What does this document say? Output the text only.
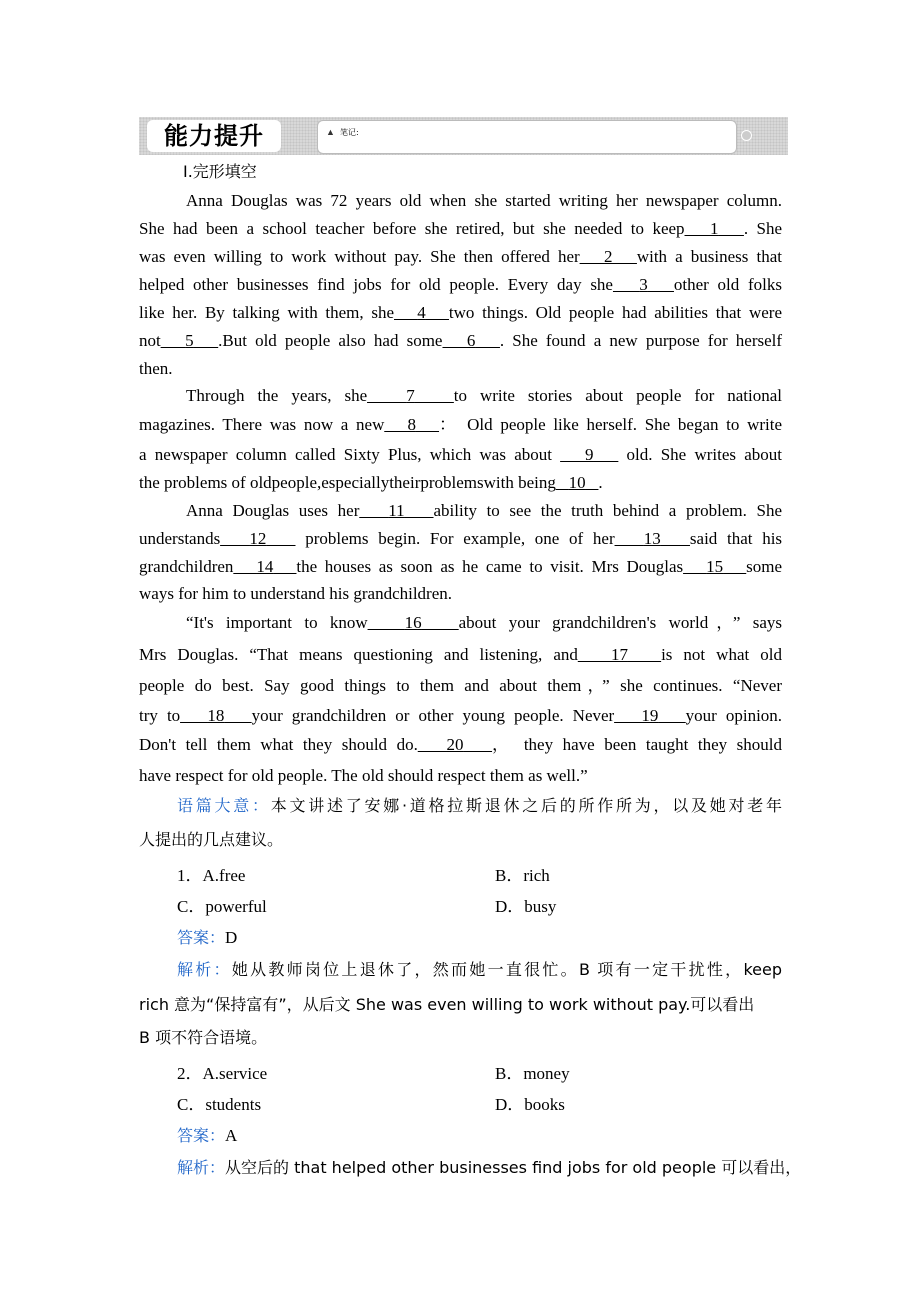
能力提升	▲ 笔记:
Ⅰ.完形填空
Anna Douglas was 72 years old when she started writing her newspaper column.
She had been a school teacher before she retired, but she needed to keep 1 . She
was even willing to work without pay. She then offered her 2 with a business that
helped other businesses find jobs for old people. Every day she 3 other old folks
like her. By talking with them, she 4 two things. Old people had abilities that were
not 5 .But old people also had some 6 . She found a new purpose for herself
then.
Through the years, she 7 to write stories about people for national
magazines. There was now a new 8 ： Old people like herself. She began to write
a newspaper column called Sixty Plus, which was about 9 old. She writes about
the problems of oldpeople,especiallytheirproblemswith being 10 .
Anna Douglas uses her 11 ability to see the truth behind a problem. She
understands 12 problems begin. For example, one of her 13 said that his
grandchildren 14 the houses as soon as he came to visit. Mrs Douglas 15 some
ways for him to understand his grandchildren.
“It's important to know 16 about your grandchildren's world，” says
Mrs Douglas. “That means questioning and listening, and 17 is not what old
people do best. Say good things to them and about them，” she continues. “Never
try to 18 your grandchildren or other young people. Never 19 your opinion.
Don't tell them what they should do. 20 ， they have been taught they should
have respect for old people. The old should respect them as well.”
语篇大意：本文讲述了安娜·道格拉斯退休之后的所作所为，以及她对老年
人提出的几点建议。
1．A.free	B．rich
C．powerful	D．busy
答案：D
解析：她从教师岗位上退休了，然而她一直很忙。B 项有一定干扰性，keep
rich 意为“保持富有”，从后文 She was even willing to work without pay.可以看出
B 项不符合语境。
2．A.service	B．money
C．students	D．books
答案：A
解析：从空后的 that helped other businesses find jobs for old people 可以看出，
